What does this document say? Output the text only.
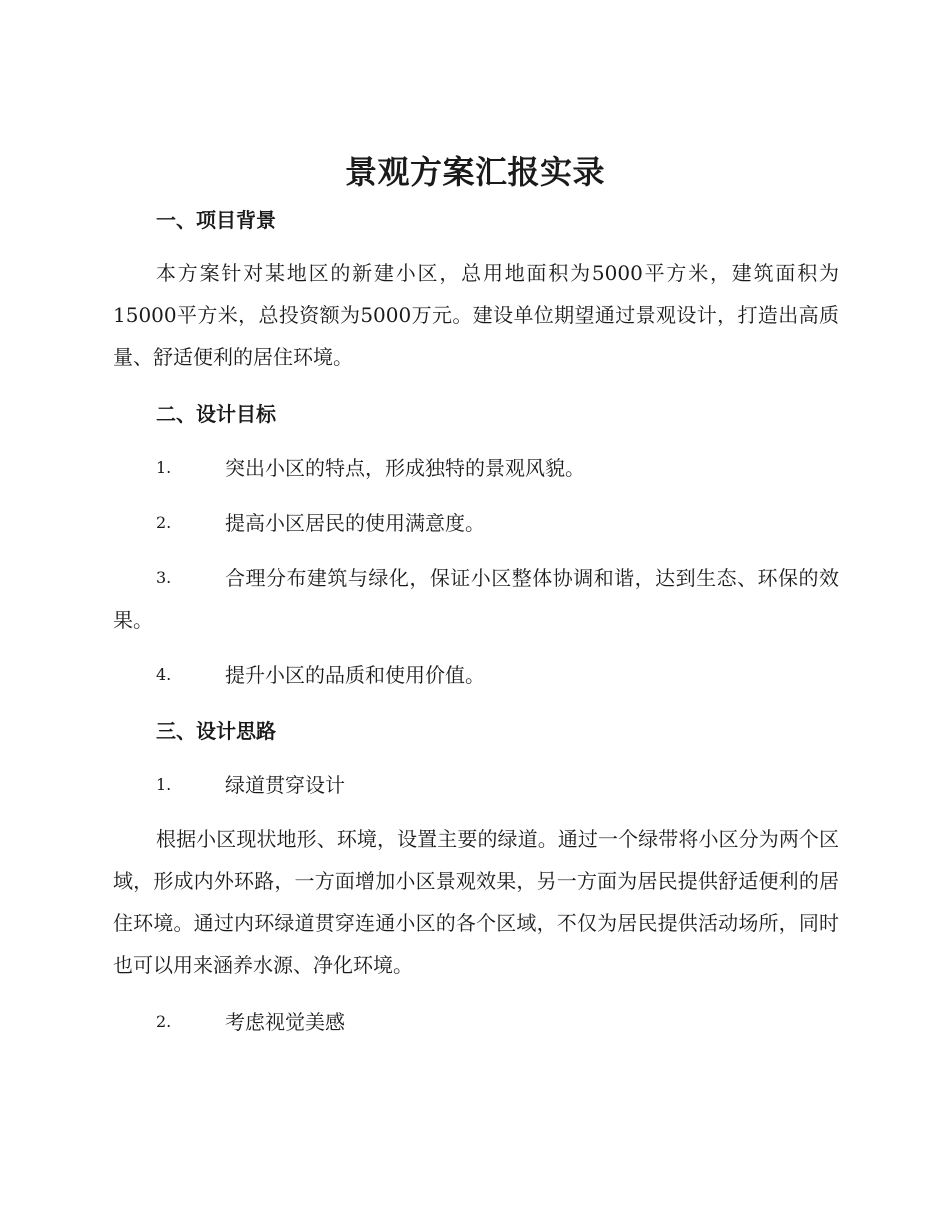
景观方案汇报实录
一、项目背景

本方案针对某地区的新建小区，总用地面积为5000平方米，建筑面积为15000平方米，总投资额为5000万元。建设单位期望通过景观设计，打造出高质量、舒适便利的居住环境。

二、设计目标
1.	突出小区的特点，形成独特的景观风貌。
2.	提高小区居民的使用满意度。
3.	合理分布建筑与绿化，保证小区整体协调和谐，达到生态、环保的效果。
4.	提升小区的品质和使用价值。
三、设计思路
1.	绿道贯穿设计

根据小区现状地形、环境，设置主要的绿道。通过一个绿带将小区分为两个区域，形成内外环路，一方面增加小区景观效果，另一方面为居民提供舒适便利的居住环境。通过内环绿道贯穿连通小区的各个区域，不仅为居民提供活动场所，同时也可以用来涵养水源、净化环境。

2.	考虑视觉美感
